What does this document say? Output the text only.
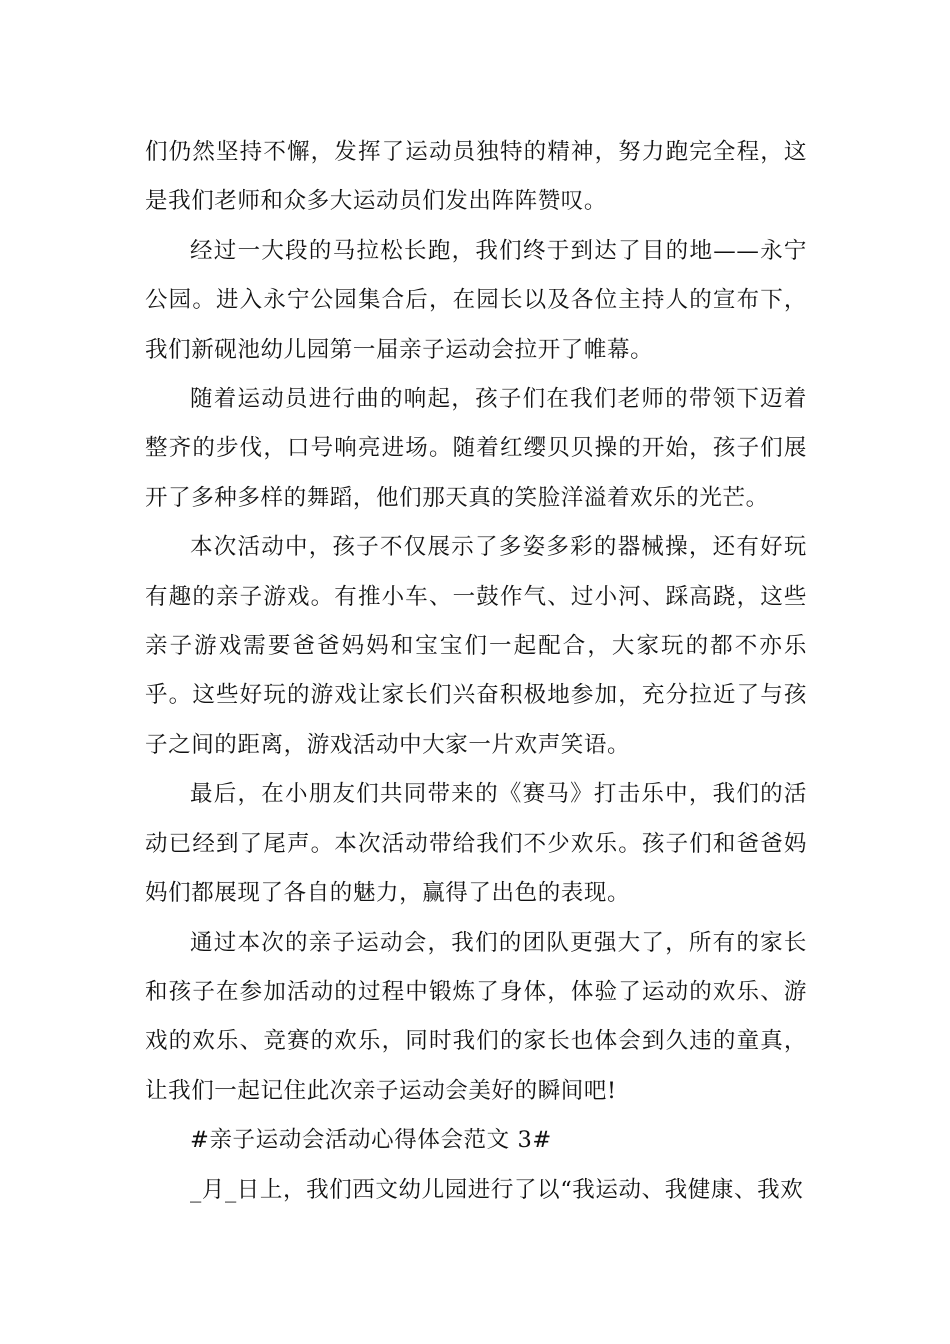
们仍然坚持不懈，发挥了运动员独特的精神，努力跑完全程，这是我们老师和众多大运动员们发出阵阵赞叹。

经过一大段的马拉松长跑，我们终于到达了目的地——永宁公园。进入永宁公园集合后，在园长以及各位主持人的宣布下，我们新砚池幼儿园第一届亲子运动会拉开了帷幕。

随着运动员进行曲的响起，孩子们在我们老师的带领下迈着整齐的步伐，口号响亮进场。随着红缨贝贝操的开始，孩子们展开了多种多样的舞蹈，他们那天真的笑脸洋溢着欢乐的光芒。

本次活动中，孩子不仅展示了多姿多彩的器械操，还有好玩有趣的亲子游戏。有推小车、一鼓作气、过小河、踩高跷，这些亲子游戏需要爸爸妈妈和宝宝们一起配合，大家玩的都不亦乐乎。这些好玩的游戏让家长们兴奋积极地参加，充分拉近了与孩子之间的距离，游戏活动中大家一片欢声笑语。

最后，在小朋友们共同带来的《赛马》打击乐中，我们的活动已经到了尾声。本次活动带给我们不少欢乐。孩子们和爸爸妈妈们都展现了各自的魅力，赢得了出色的表现。

通过本次的亲子运动会，我们的团队更强大了，所有的家长和孩子在参加活动的过程中锻炼了身体，体验了运动的欢乐、游戏的欢乐、竞赛的欢乐，同时我们的家长也体会到久违的童真，让我们一起记住此次亲子运动会美好的瞬间吧!

#亲子运动会活动心得体会范文 3#

_月_日上，我们西文幼儿园进行了以“我运动、我健康、我欢
